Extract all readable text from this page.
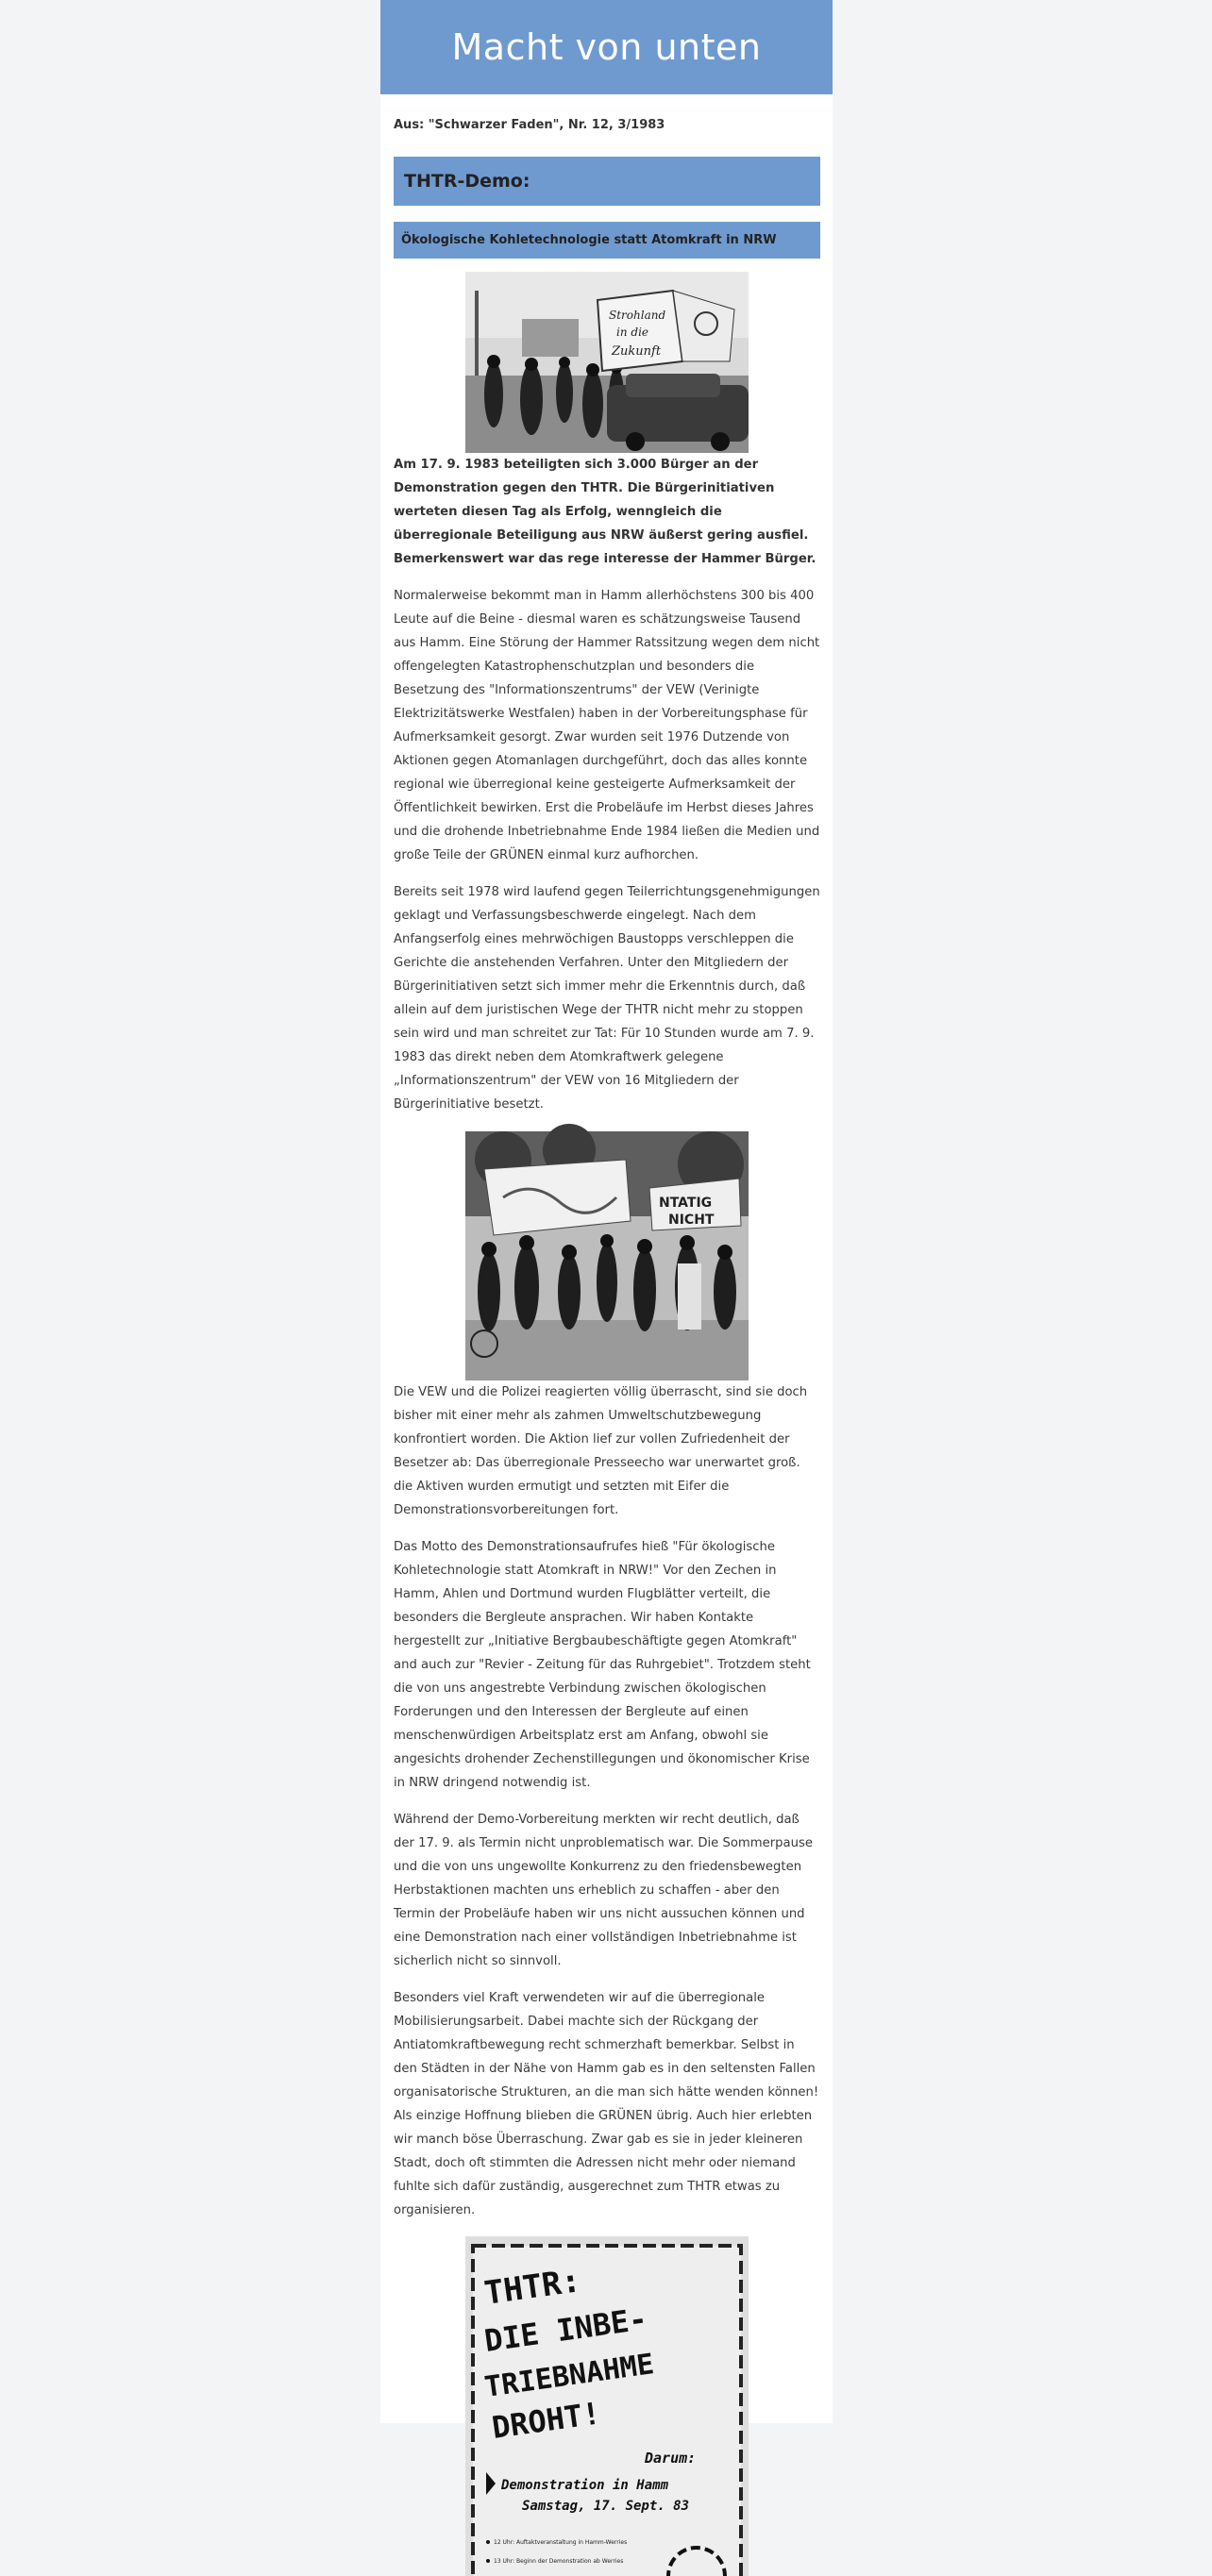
Macht von unten
Aus: "Schwarzer Faden", Nr. 12, 3/1983
THTR-Demo:
Ökologische Kohletechnologie statt Atomkraft in NRW
Strohland
in die
Zukunft

Am 17. 9. 1983 beteiligten sich 3.000 Bürger an der Demonstration gegen den THTR. Die Bürgerinitiativen werteten diesen Tag als Erfolg, wenngleich die überregionale Beteiligung aus NRW äußerst gering ausfiel. Bemerkenswert war das rege interesse der Hammer Bürger.

Normalerweise bekommt man in Hamm allerhöchstens 300 bis 400 Leute auf die Beine - diesmal waren es schätzungsweise Tausend aus Hamm. Eine Störung der Hammer Ratssitzung wegen dem nicht offengelegten Katastrophenschutzplan und besonders die Besetzung des "Informationszentrums" der VEW (Verinigte Elektrizitätswerke Westfalen) haben in der Vorbereitungsphase für Aufmerksamkeit gesorgt. Zwar wurden seit 1976 Dutzende von Aktionen gegen Atomanlagen durchgeführt, doch das alles konnte regional wie überregional keine gesteigerte Aufmerksamkeit der Öffentlichkeit bewirken. Erst die Probeläufe im Herbst dieses Jahres und die drohende Inbetriebnahme Ende 1984 ließen die Medien und große Teile der GRÜNEN einmal kurz aufhorchen.

Bereits seit 1978 wird laufend gegen Teilerrichtungsgenehmigungen geklagt und Verfassungsbeschwerde eingelegt. Nach dem Anfangserfolg eines mehrwöchigen Baustopps verschleppen die Gerichte die anstehenden Verfahren. Unter den Mitgliedern der Bürgerinitiativen setzt sich immer mehr die Erkenntnis durch, daß allein auf dem juristischen Wege der THTR nicht mehr zu stoppen sein wird und man schreitet zur Tat: Für 10 Stunden wurde am 7. 9. 1983 das direkt neben dem Atomkraftwerk gelegene „Informationszentrum" der VEW von 16 Mitgliedern der Bürgerinitiative besetzt.

NTATIG
NICHT

Die VEW und die Polizei reagierten völlig überrascht, sind sie doch bisher mit einer mehr als zahmen Umweltschutzbewegung konfrontiert worden. Die Aktion lief zur vollen Zufriedenheit der Besetzer ab: Das überregionale Presseecho war unerwartet groß. die Aktiven wurden ermutigt und setzten mit Eifer die Demonstrationsvorbereitungen fort.

Das Motto des Demonstrationsaufrufes hieß "Für ökologische Kohletechnologie statt Atomkraft in NRW!" Vor den Zechen in Hamm, Ahlen und Dortmund wurden Flugblätter verteilt, die besonders die Bergleute ansprachen. Wir haben Kontakte hergestellt zur „Initiative Bergbaubeschäftigte gegen Atomkraft" and auch zur "Revier - Zeitung für das Ruhrgebiet". Trotzdem steht die von uns angestrebte Verbindung zwischen ökologischen Forderungen und den Interessen der Bergleute auf einen menschenwürdigen Arbeitsplatz erst am Anfang, obwohl sie angesichts drohender Zechenstillegungen und ökonomischer Krise in NRW dringend notwendig ist.

Während der Demo-Vorbereitung merkten wir recht deutlich, daß der 17. 9. als Termin nicht unproblematisch war. Die Sommerpause und die von uns ungewollte Konkurrenz zu den friedensbewegten Herbstaktionen machten uns erheblich zu schaffen - aber den Termin der Probeläufe haben wir uns nicht aussuchen können und eine Demonstration nach einer vollständigen Inbetriebnahme ist sicherlich nicht so sinnvoll.

Besonders viel Kraft verwendeten wir auf die überregionale Mobilisierungsarbeit. Dabei machte sich der Rückgang der Antiatomkraftbewegung recht schmerzhaft bemerkbar. Selbst in den Städten in der Nähe von Hamm gab es in den seltensten Fallen organisatorische Strukturen, an die man sich hätte wenden können! Als einzige Hoffnung blieben die GRÜNEN übrig. Auch hier erlebten wir manch böse Überraschung. Zwar gab es sie in jeder kleineren Stadt, doch oft stimmten die Adressen nicht mehr oder niemand fuhlte sich dafür zuständig, ausgerechnet zum THTR etwas zu organisieren.

THTR:
DIE INBE-
TRIEBNAHME
DROHT!
Darum:
Demonstration in Hamm
Samstag, 17. Sept. 83
12 Uhr: Auftaktveranstaltung in Hamm-Werries
13 Uhr: Beginn der Demonstration ab Werries
